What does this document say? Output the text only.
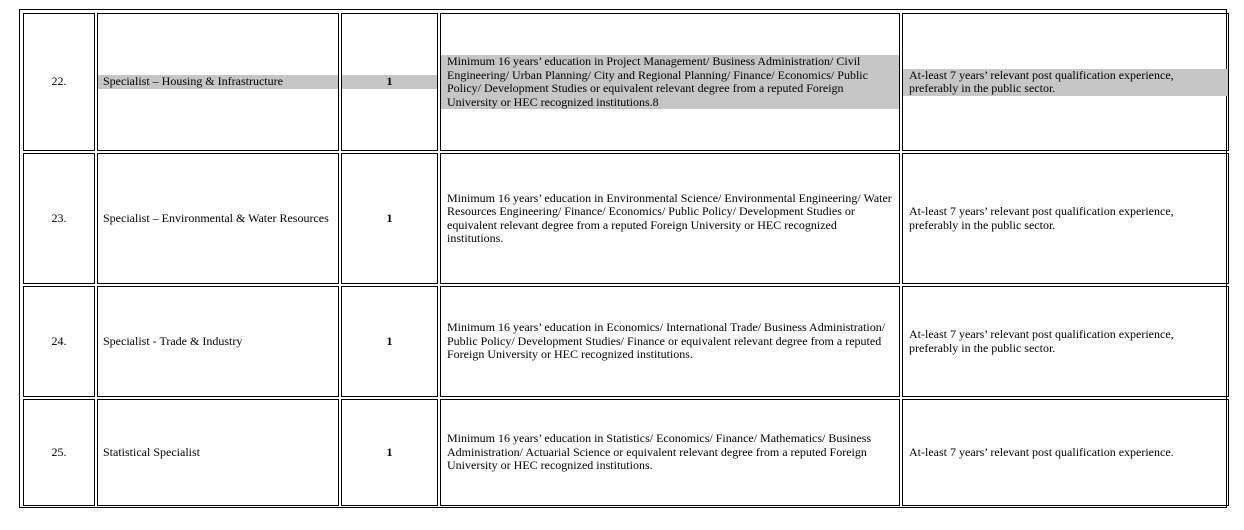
22.	Specialist – Housing & Infrastructure	1	Minimum 16 years’ education in Project Management/ Business Administration/ Civil Engineering/ Urban Planning/ City and Regional Planning/ Finance/ Economics/ Public Policy/ Development Studies or equivalent relevant degree from a reputed Foreign University or HEC recognized institutions.8	At-least 7 years’ relevant post qualification experience, preferably in the public sector.

23.	Specialist – Environmental & Water Resources	1	Minimum 16 years’ education in Environmental Science/ Environmental Engineering/ Water Resources Engineering/ Finance/ Economics/ Public Policy/ Development Studies or equivalent relevant degree from a reputed Foreign University or HEC recognized institutions.	At-least 7 years’ relevant post qualification experience, preferably in the public sector.
24.	Specialist - Trade & Industry	1	Minimum 16 years’ education in Economics/ International Trade/ Business Administration/ Public Policy/ Development Studies/ Finance or equivalent relevant degree from a reputed Foreign University or HEC recognized institutions.	At-least 7 years’ relevant post qualification experience, preferably in the public sector.
25.	Statistical Specialist	1	Minimum 16 years’ education in Statistics/ Economics/ Finance/ Mathematics/ Business Administration/ Actuarial Science or equivalent relevant degree from a reputed Foreign University or HEC recognized institutions.	At-least 7 years’ relevant post qualification experience.
